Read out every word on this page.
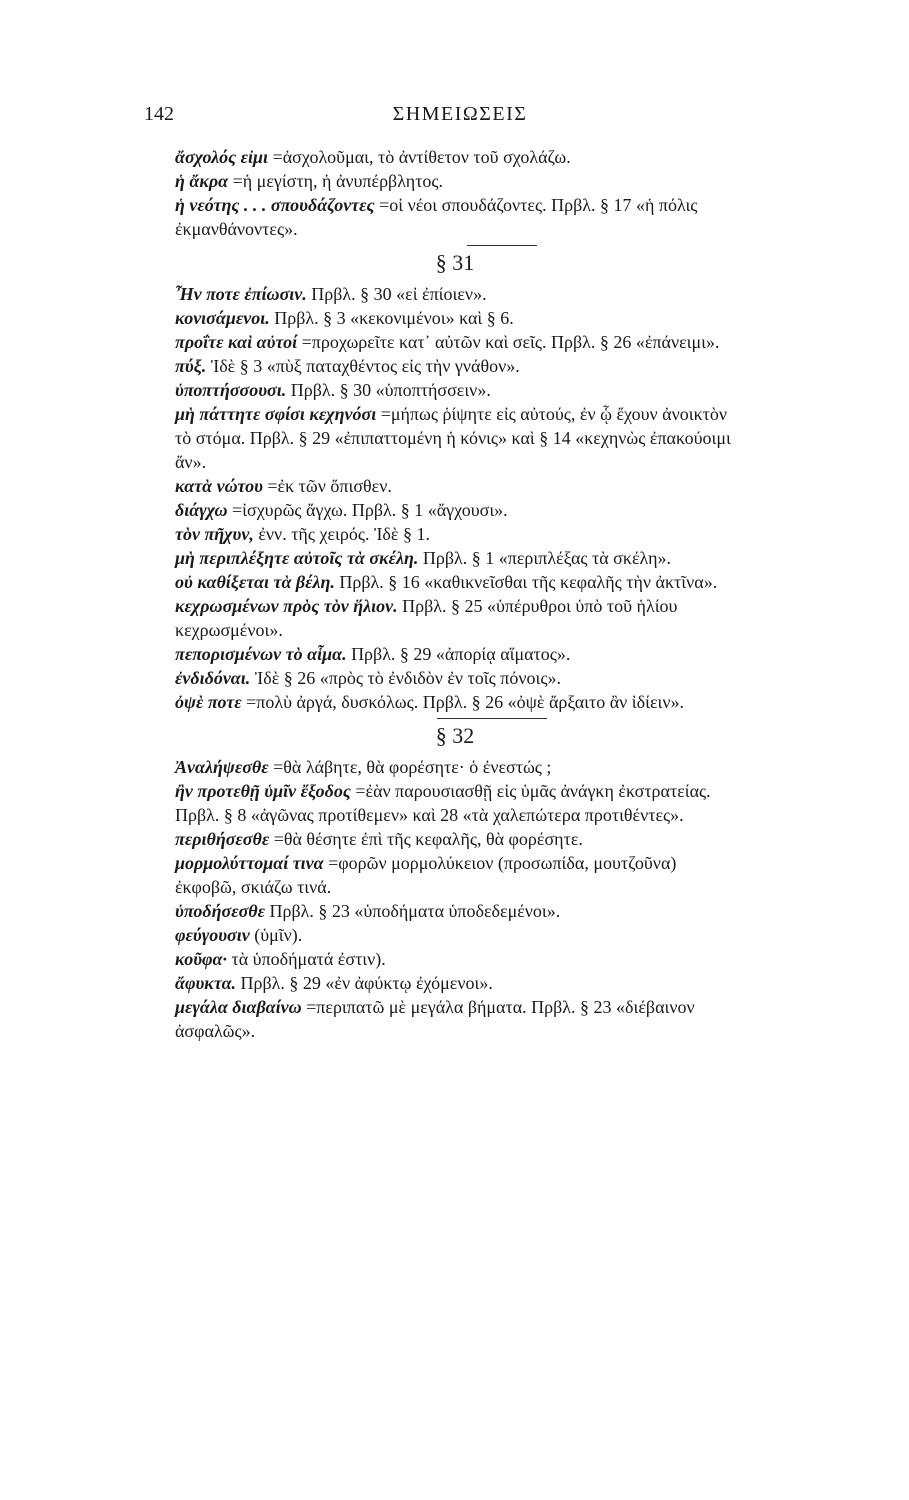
142	ΣΗΜΕΙΩΣΕΙΣ
ἄσχολός εἰμι =ἀσχολοῦμαι, τὸ ἀντίθετον τοῦ σχολάζω.
ἡ ἄκρα =ἡ μεγίστη, ἡ ἀνυπέρβλητος.
ἡ νεότης . . . σπουδάζοντες =οἱ νέοι σπουδάζοντες. Πρβλ. § 17 «ἡ πόλις ἐκμανθάνοντες».
§ 31
Ἦν ποτε ἐπίωσιν. Πρβλ. § 30 «εἰ ἐπίοιεν».
κονισάμενοι. Πρβλ. § 3 «κεκονιμένοι» καὶ § 6.
προΐτε καὶ αὐτοί =προχωρεῖτε κατ᾽ αὐτῶν καὶ σεῖς. Πρβλ. § 26 «ἐπάνειμι».
πύξ. Ἰδὲ § 3 «πὺξ παταχθέντος εἰς τὴν γνάθον».
ὑποπτήσσουσι. Πρβλ. § 30 «ὑποπτήσσειν».
μὴ πάττητε σφίσι κεχηνόσι =μήπως ῥίψητε εἰς αὐτούς, ἐν ᾧ ἔχουν ἀνοικτὸν τὸ στόμα. Πρβλ. § 29 «ἐπιπαττομένη ἡ κόνις» καὶ § 14 «κεχηνὼς ἐπακούοιμι ἄν».
κατὰ νώτου =ἐκ τῶν ὄπισθεν.
διάγχω =ἰσχυρῶς ἄγχω. Πρβλ. § 1 «ἄγχουσι».
τὸν πῆχυν, ἐνν. τῆς χειρός. Ἰδὲ § 1.
μὴ περιπλέξητε αὐτοῖς τὰ σκέλη. Πρβλ. § 1 «περιπλέξας τὰ σκέλη».
οὐ καθίξεται τὰ βέλη. Πρβλ. § 16 «καθικνεῖσθαι τῆς κεφαλῆς τὴν ἀκτῖνα».
κεχρωσμένων πρὸς τὸν ἥλιον. Πρβλ. § 25 «ὑπέρυθροι ὑπὸ τοῦ ἡλίου κεχρωσμένοι».
πεπορισμένων τὸ αἷμα. Πρβλ. § 29 «ἀπορίᾳ αἵματος».
ἐνδιδόναι. Ἰδὲ § 26 «πρὸς τὸ ἐνδιδὸν ἐν τοῖς πόνοις».
ὀψὲ ποτε =πολὺ ἀργά, δυσκόλως. Πρβλ. § 26 «ὀψὲ ἄρξαιτο ἂν ἰδίειν».
§ 32
Ἀναλήψεσθε =θὰ λάβητε, θὰ φορέσητε· ὁ ἐνεστώς ;
ἢν προτεθῇ ὑμῖν ἔξοδος =ἐὰν παρουσιασθῇ εἰς ὑμᾶς ἀνάγκη ἐκστρατείας. Πρβλ. § 8 «ἀγῶνας προτίθεμεν» καὶ 28 «τὰ χαλεπώτερα προτιθέντες».
περιθήσεσθε =θὰ θέσητε ἐπὶ τῆς κεφαλῆς, θὰ φορέσητε.
μορμολύττομαί τινα =φορῶν μορμολύκειον (προσωπίδα, μουτζοῦνα) ἐκφοβῶ, σκιάζω τινά.
ὑποδήσεσθε Πρβλ. § 23 «ὑποδήματα ὑποδεδεμένοι».
φεύγουσιν (ὑμῖν).
κοῦφα· τὰ ὑποδήματά ἐστιν).
ἄφυκτα. Πρβλ. § 29 «ἐν ἀφύκτῳ ἐχόμενοι».
μεγάλα διαβαίνω =περιπατῶ μὲ μεγάλα βήματα. Πρβλ. § 23 «διέβαινον ἀσφαλῶς».
